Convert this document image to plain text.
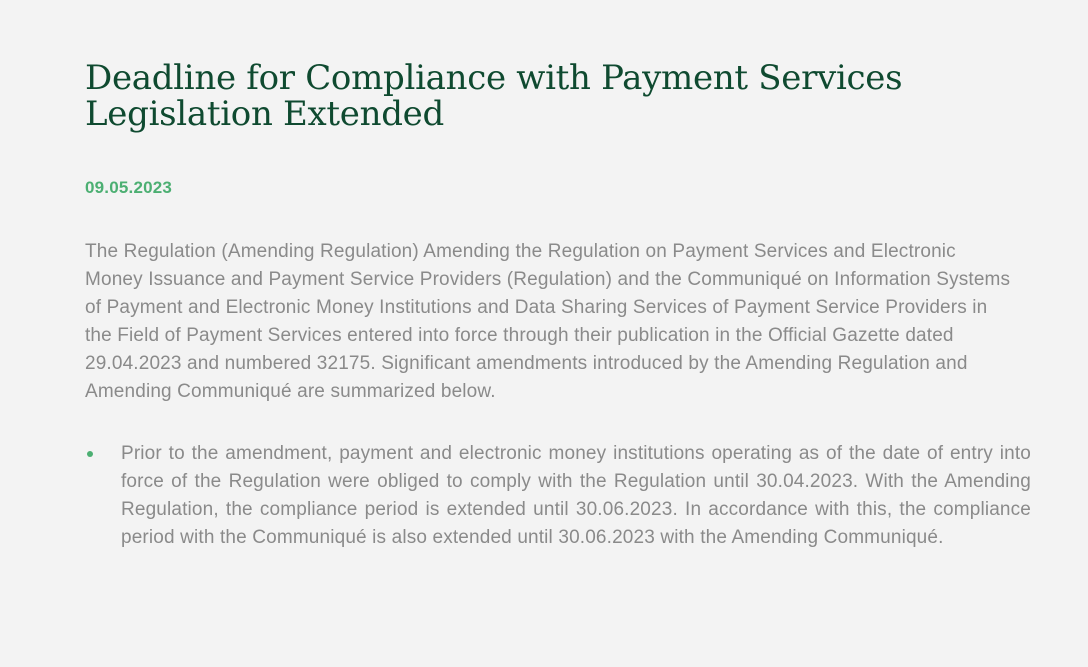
Deadline for Compliance with Payment Services Legislation Extended
09.05.2023

The Regulation (Amending Regulation) Amending the Regulation on Payment Services and Electronic Money Issuance and Payment Service Providers (Regulation) and the Communiqué on Information Systems of Payment and Electronic Money Institutions and Data Sharing Services of Payment Service Providers in the Field of Payment Services entered into force through their publication in the Official Gazette dated 29.04.2023 and numbered 32175. Significant amendments introduced by the Amending Regulation and Amending Communiqué are summarized below.

Prior to the amendment, payment and electronic money institutions operating as of the date of entry into force of the Regulation were obliged to comply with the Regulation until 30.04.2023. With the Amending Regulation, the compliance period is extended until 30.06.2023. In accordance with this, the compliance period with the Communiqué is also extended until 30.06.2023 with the Amending Communiqué.
